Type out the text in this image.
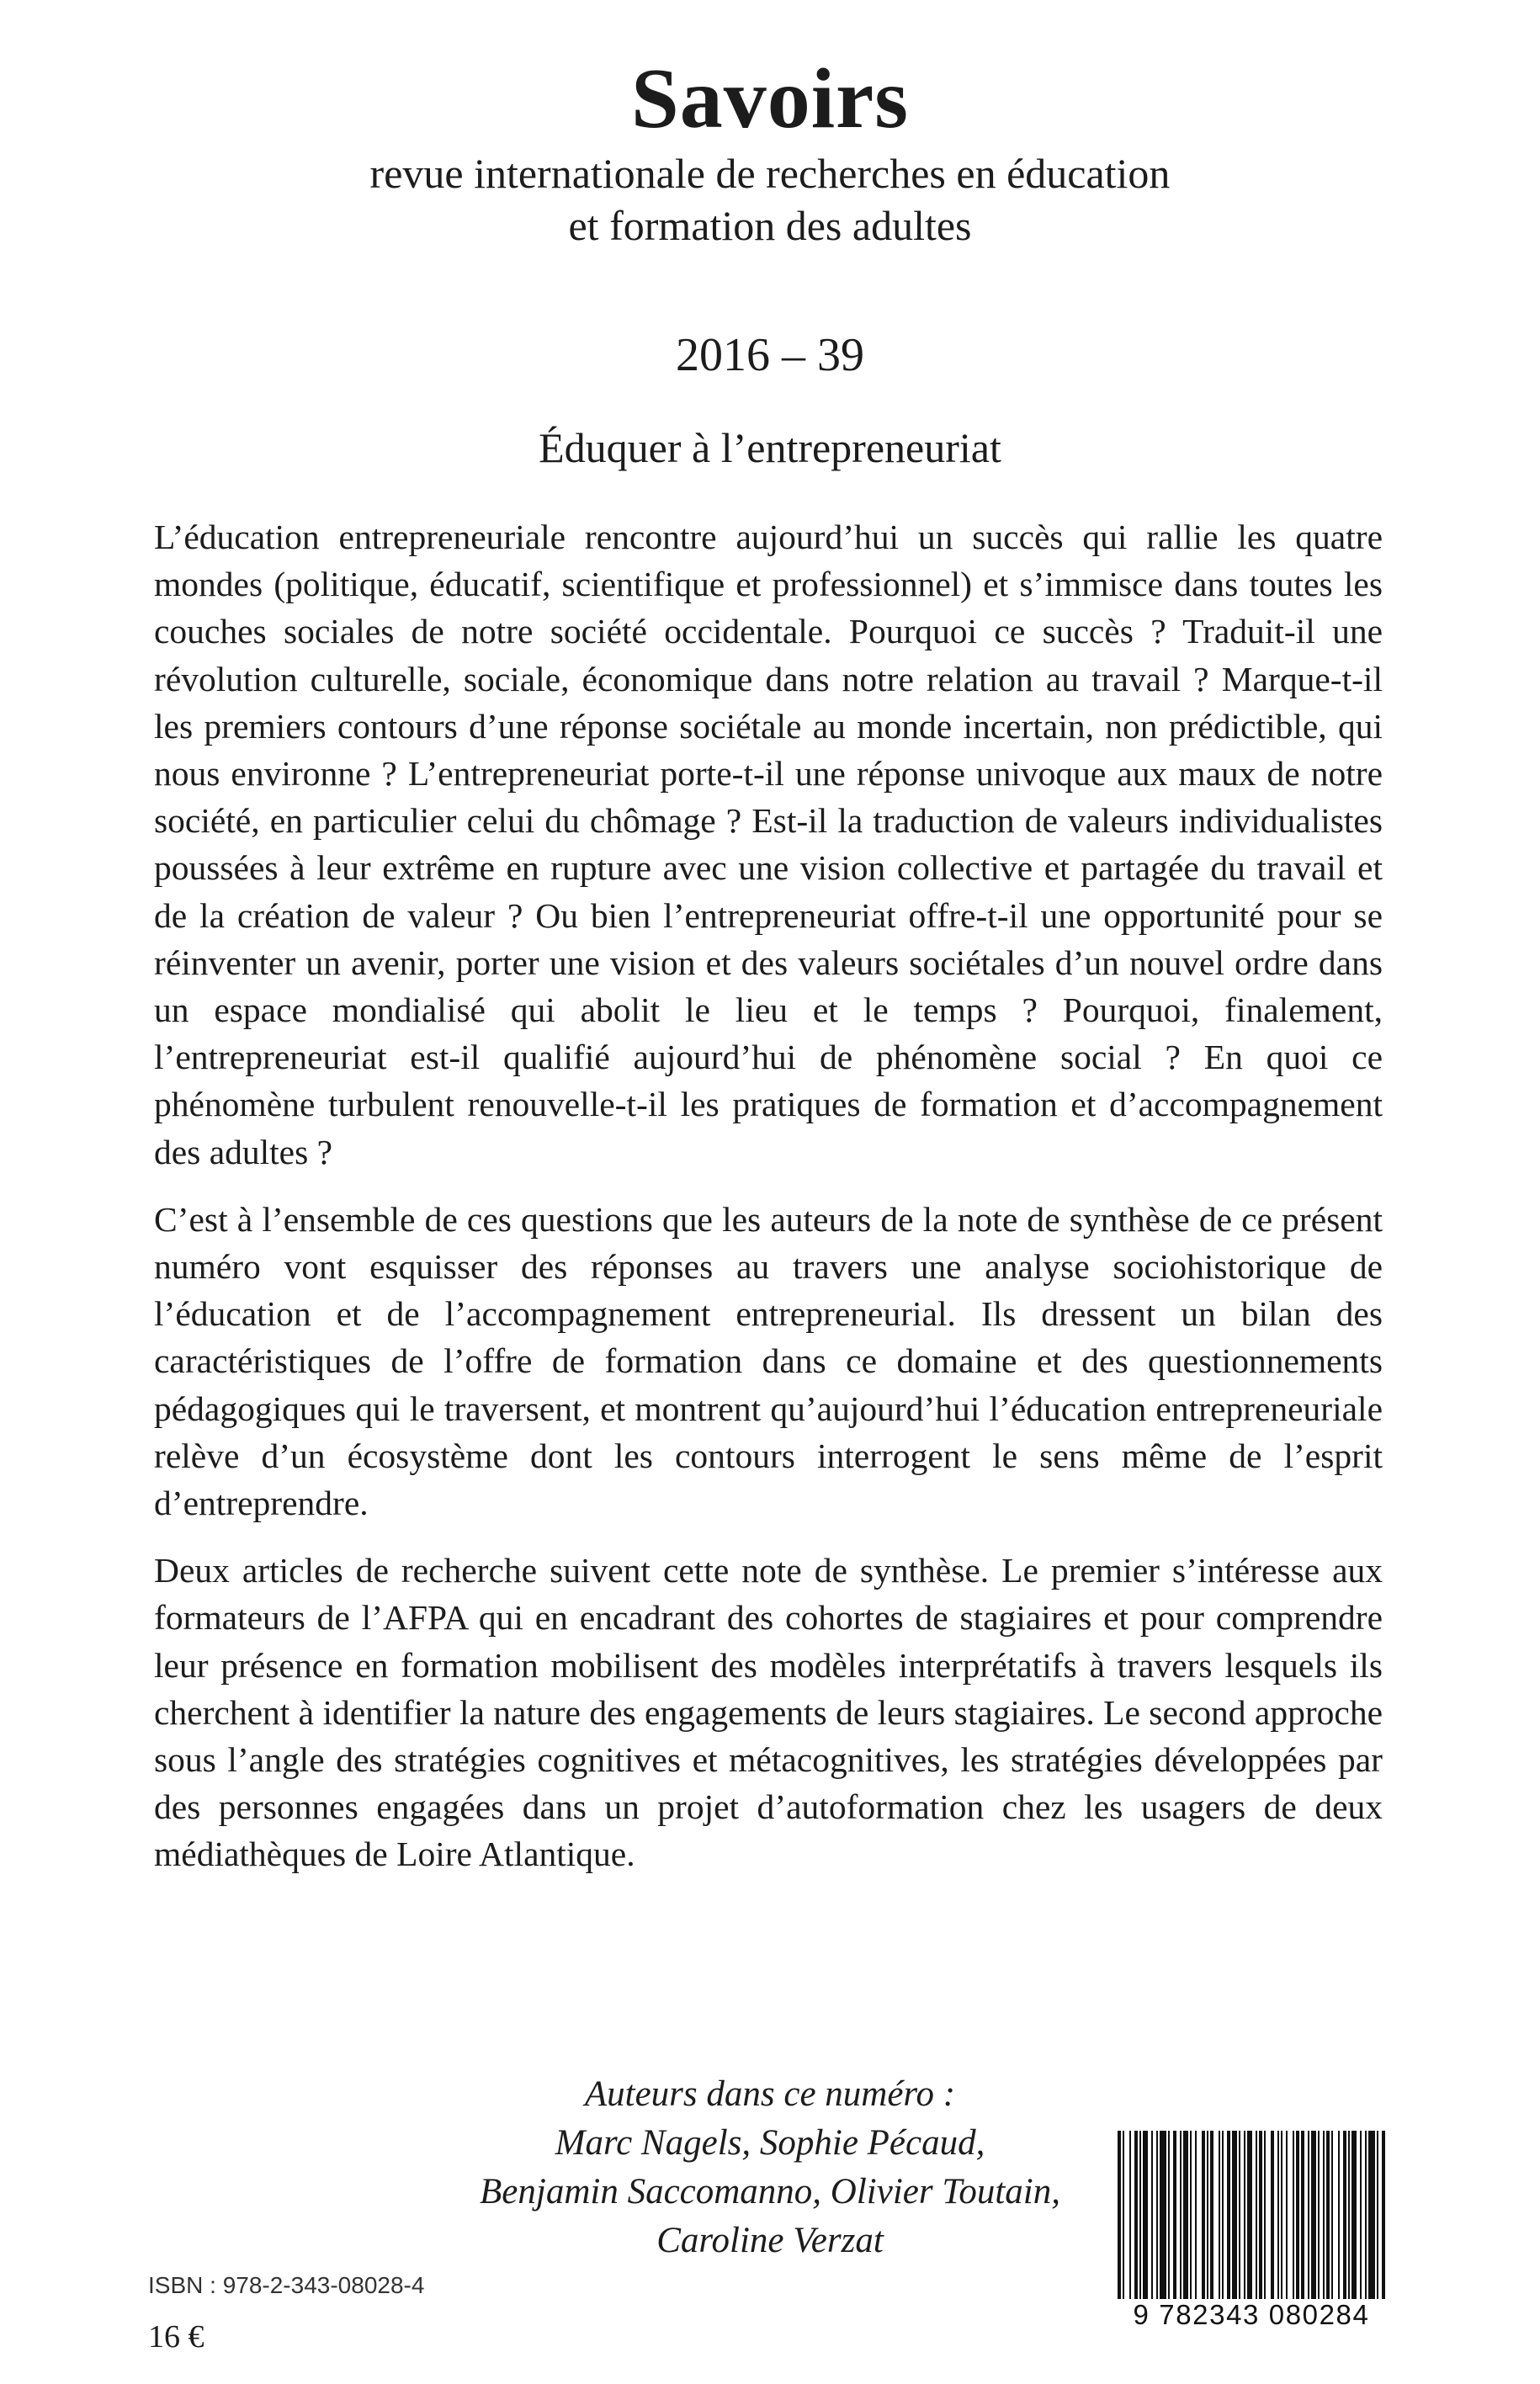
Savoirs
revue internationale de recherches en éducation
et formation des adultes
2016 – 39
Éduquer à l’entrepreneuriat

L’éducation entrepreneuriale rencontre aujourd’hui un succès qui rallie les quatre mondes (politique, éducatif, scientifique et professionnel) et s’immisce dans toutes les couches sociales de notre société occidentale. Pourquoi ce succès ? Traduit-il une révolution culturelle, sociale, économique dans notre relation au travail ? Marque-t-il les premiers contours d’une réponse sociétale au monde incertain, non prédictible, qui nous environne ? L’entrepreneuriat porte-t-il une réponse univoque aux maux de notre société, en particulier celui du chômage ? Est-il la traduction de valeurs individualistes poussées à leur extrême en rupture avec une vision collective et partagée du travail et de la création de valeur ? Ou bien l’entrepreneuriat offre-t-il une opportunité pour se réinventer un avenir, porter une vision et des valeurs sociétales d’un nouvel ordre dans un espace mondialisé qui abolit le lieu et le temps ? Pourquoi, finalement, l’entrepreneuriat est-il qualifié aujourd’hui de phénomène social ? En quoi ce phénomène turbulent renouvelle-t-il les pratiques de formation et d’accompagnement des adultes ?

C’est à l’ensemble de ces questions que les auteurs de la note de synthèse de ce présent numéro vont esquisser des réponses au travers une analyse sociohistorique de l’éducation et de l’accompagnement entrepreneurial. Ils dressent un bilan des caractéristiques de l’offre de formation dans ce domaine et des questionnements pédagogiques qui le traversent, et montrent qu’aujourd’hui l’éducation entrepreneuriale relève d’un écosystème dont les contours interrogent le sens même de l’esprit d’entreprendre.

Deux articles de recherche suivent cette note de synthèse. Le premier s’intéresse aux formateurs de l’AFPA qui en encadrant des cohortes de stagiaires et pour comprendre leur présence en formation mobilisent des modèles interprétatifs à travers lesquels ils cherchent à identifier la nature des engagements de leurs stagiaires. Le second approche sous l’angle des stratégies cognitives et métacognitives, les stratégies développées par des personnes engagées dans un projet d’autoformation chez les usagers de deux médiathèques de Loire Atlantique.

Auteurs dans ce numéro :
Marc Nagels, Sophie Pécaud,
Benjamin Saccomanno, Olivier Toutain,
Caroline Verzat
ISBN : 978-2-343-08028-4
16 €
9 782343 080284
